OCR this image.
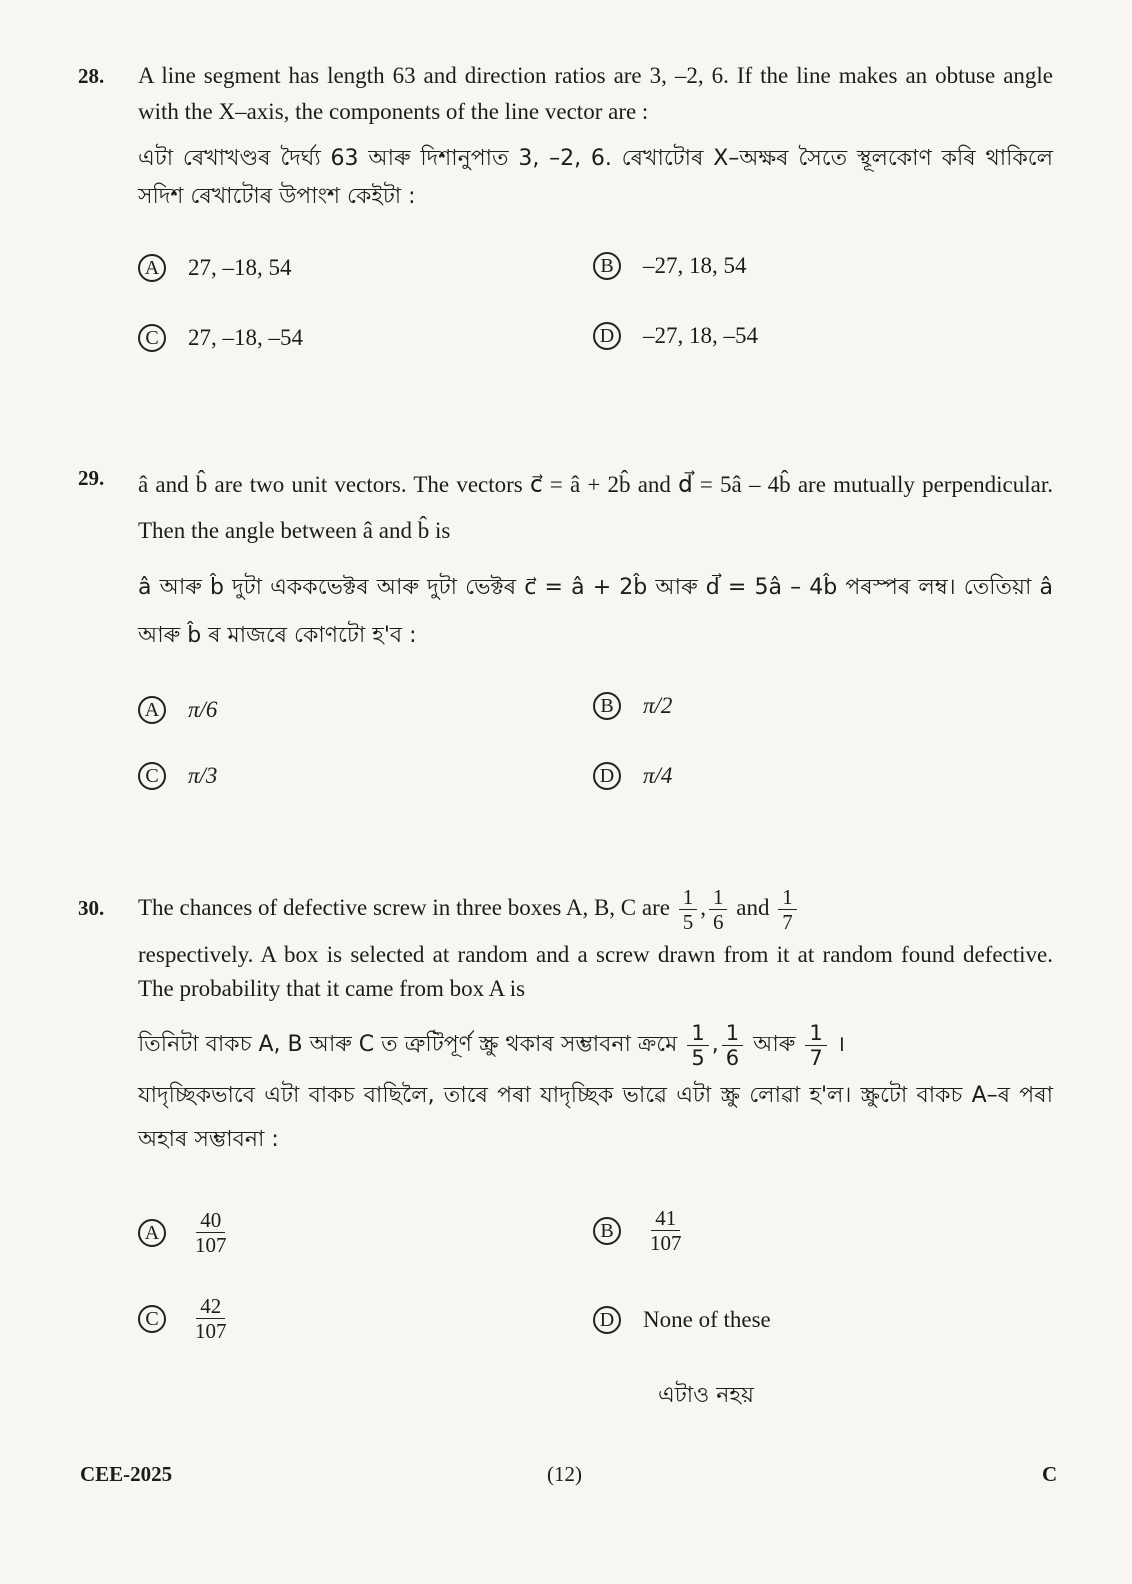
28. A line segment has length 63 and direction ratios are 3, –2, 6. If the line makes an obtuse angle with the X–axis, the components of the line vector are :

এটা ৰেখাখণ্ডৰ দৈৰ্ঘ্য 63 আৰু দিশানুপাত 3, –2, 6. ৰেখাটোৰ X–অক্ষৰ সৈতে স্থূলকোণ কৰি থাকিলে সদিশ ৰেখাটোৰ উপাংশ কেইটা :

A 27, –18, 54	B	–27, 18, 54
C	27, –18, –54	D –27, 18, –54
29. â and b̂ are two unit vectors. The vectors c⃗ = â + 2b̂ and d⃗ = 5â – 4b̂ are mutually perpendicular. Then the angle between â and b̂ is

â আৰু b̂ দুটা এককভেক্টৰ আৰু দুটা ভেক্টৰ c⃗ = â + 2b̂ আৰু d⃗ = 5â – 4b̂ পৰস্পৰ লম্ব। তেতিয়া â আৰু b̂ ৰ মাজৰে কোণটো হ'ব :

A π/6	B	π/2
C	π/3	D π/4
30. The chances of defective screw in three boxes A, B, C are $\frac{1}{5}$ , $\frac{1}{6}$ and $\frac{1}{7}$

respectively. A box is selected at random and a screw drawn from it at random found defective. The probability that it came from box A is

তিনিটা বাকচ A, B আৰু C ত ত্ৰুটিপূৰ্ণ স্ক্ৰু থকাৰ সম্ভাবনা ক্ৰমে $\frac{1}{5}$ , $\frac{1}{6}$ আৰু $\frac{1}{7}$ ।

যাদৃচ্ছিকভাবে এটা বাকচ বাছিলৈ, তাৰে পৰা যাদৃচ্ছিক ভাৱে এটা স্ক্ৰু লোৱা হ'ল। স্ক্ৰুটো বাকচ A–ৰ পৰা অহাৰ সম্ভাবনা :

A	$\frac{40}{107}$	B	$\frac{41}{107}$
C	$\frac{42}{107}$	D None of these
এটাও নহয়
CEE-2025	(12)	C
